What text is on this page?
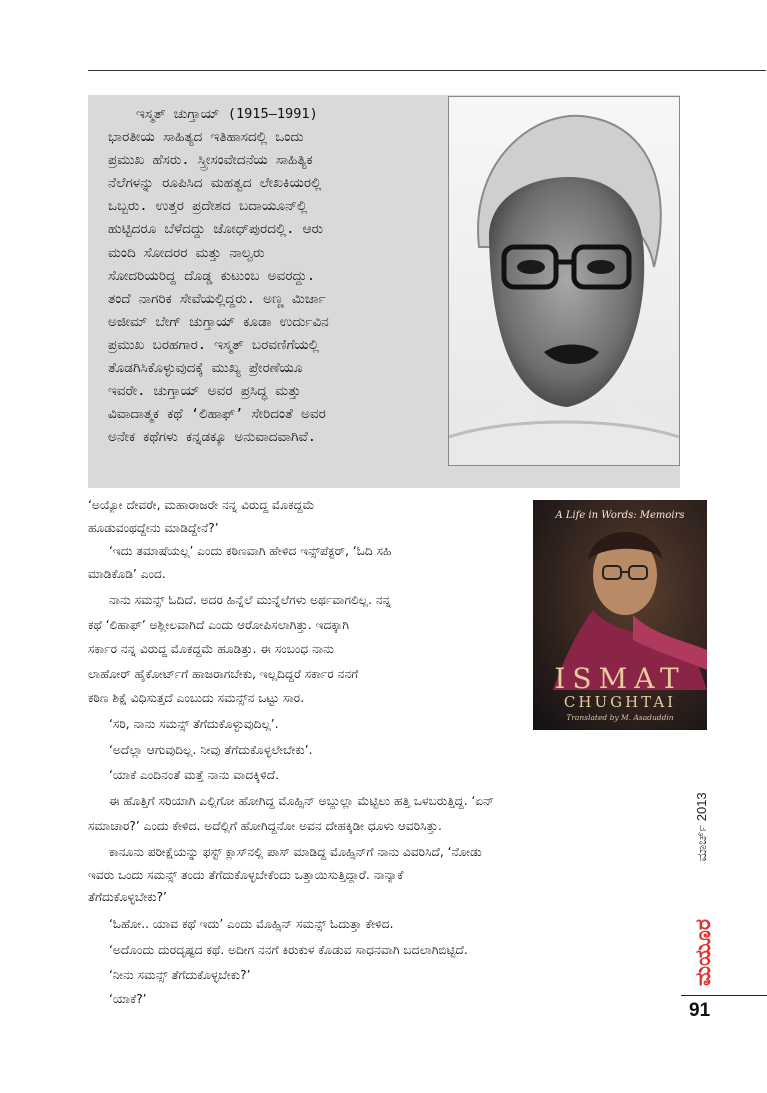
ಇಸ್ಮತ್ ಚುಗ್ತಾಯ್ (1915–1991)
ಭಾರತೀಯ ಸಾಹಿತ್ಯದ ಇತಿಹಾಸದಲ್ಲಿ ಒಂದು
ಪ್ರಮುಖ ಹೆಸರು. ಸ್ತ್ರೀಸಂವೇದನೆಯ ಸಾಹಿತ್ಯಿಕ
ನೆಲೆಗಳನ್ನು ರೂಪಿಸಿದ ಮಹತ್ವದ ಲೇಖಕಿಯರಲ್ಲಿ
ಒಬ್ಬರು. ಉತ್ತರ ಪ್ರದೇಶದ ಬದಾಯೂನ್‌ಲ್ಲಿ
ಹುಟ್ಟಿದರೂ ಬೆಳೆದದ್ದು ಜೋಧ್‌ಪುರದಲ್ಲಿ. ಆರು
ಮಂದಿ ಸೋದರರ ಮತ್ತು ನಾಲ್ವರು
ಸೋದರಿಯರಿದ್ದ ದೊಡ್ಡ ಕುಟುಂಬ ಅವರದ್ದು.
ತಂದೆ ನಾಗರಿಕ ಸೇವೆಯಲ್ಲಿದ್ದರು. ಅಣ್ಣ ಮಿರ್ಜಾ
ಅಜೀಮ್ ಬೇಗ್ ಚುಗ್ತಾಯ್ ಕೂಡಾ ಉರ್ದುವಿನ
ಪ್ರಮುಖ ಬರಹಗಾರ. ಇಸ್ಮತ್ ಬರವಣಿಗೆಯಲ್ಲಿ
ತೊಡಗಿಸಿಕೊಳ್ಳುವುದಕ್ಕೆ ಮುಖ್ಯ ಪ್ರೇರಣೆಯೂ
ಇವರೇ. ಚುಗ್ತಾಯ್ ಅವರ ಪ್ರಸಿದ್ಧ ಮತ್ತು
ವಿವಾದಾತ್ಮಕ ಕಥೆ ‘ಲಿಹಾಫ್’ ಸೇರಿದಂತೆ ಅವರ
ಅನೇಕ ಕಥೆಗಳು ಕನ್ನಡಕ್ಕೂ ಅನುವಾದವಾಗಿವೆ.
A Life in Words: Memoirs
ISMAT
CHUGHTAI
Translated by M. Asaduddin
‘ಅಯ್ಯೋ ದೇವರೇ, ಮಹಾರಾಜರೇ ನನ್ನ ವಿರುದ್ಧ ಮೊಕದ್ದಮೆ
ಹೂಡುವಂಥದ್ದೇನು ಮಾಡಿದ್ದೇನೆ?’
‘ಇದು ತಮಾಷೆಯಲ್ಲ’ ಎಂದು ಕಠಿಣವಾಗಿ ಹೇಳಿದ ಇನ್ಸ್‌ಪೆಕ್ಟರ್, ‘ಓದಿ ಸಹಿ
ಮಾಡಿಕೊಡಿ’ ಎಂದ.
ನಾನು ಸಮನ್ಸ್ ಓದಿದೆ. ಅದರ ಹಿನ್ನೆಲೆ ಮುನ್ನೆಲೆಗಳು ಅರ್ಥವಾಗಲಿಲ್ಲ. ನನ್ನ
ಕಥೆ ‘ಲಿಹಾಫ್’ ಅಶ್ಲೀಲವಾಗಿದೆ ಎಂದು ಆರೋಪಿಸಲಾಗಿತ್ತು. ಇದಕ್ಕಾಗಿ
ಸರ್ಕಾರ ನನ್ನ ವಿರುದ್ಧ ಮೊಕದ್ದಮೆ ಹೂಡಿತ್ತು. ಈ ಸಂಬಂಧ ನಾನು
ಲಾಹೋರ್ ಹೈಕೋರ್ಟ್‌ಗೆ ಹಾಜರಾಗಬೇಕು, ಇಲ್ಲದಿದ್ದರೆ ಸರ್ಕಾರ ನನಗೆ
ಕಠಿಣ ಶಿಕ್ಷೆ ವಿಧಿಸುತ್ತದೆ ಎಂಬುದು ಸಮನ್ಸ್‌ನ ಒಟ್ಟು ಸಾರ.
‘ಸರಿ, ನಾನು ಸಮನ್ಸ್ ತೆಗೆದುಕೊಳ್ಳುವುದಿಲ್ಲ’.
‘ಅದೆಲ್ಲಾ ಆಗುವುದಿಲ್ಲ. ನೀವು ತೆಗೆದುಕೊಳ್ಳಲೇಬೇಕು’.
‘ಯಾಕೆ ಎಂದಿನಂತೆ ಮತ್ತೆ ನಾನು ವಾದಕ್ಕಿಳಿದೆ.
ಈ ಹೊತ್ತಿಗೆ ಸರಿಯಾಗಿ ಎಲ್ಲಿಗೋ ಹೋಗಿದ್ದ ಮೊಹ್ಸಿನ್ ಅಬ್ದುಲ್ಲಾ ಮೆಟ್ಟಿಲು ಹತ್ತಿ ಒಳಬರುತ್ತಿದ್ದ. ‘ಏನ್
ಸಮಾಚಾರ?’ ಎಂದು ಕೇಳಿದ. ಅದೆಲ್ಲಿಗೆ ಹೋಗಿದ್ದನೋ ಅವನ ದೇಹಕ್ಕಿಡೀ ಧೂಳು ಆವರಿಸಿತ್ತು.
ಕಾನೂನು ಪರೀಕ್ಷೆಯನ್ನು ಫಸ್ಟ್ ಕ್ಲಾಸ್‌ನಲ್ಲಿ ಪಾಸ್ ಮಾಡಿದ್ದ ಮೊಹ್ಸಿನ್‌ಗೆ ನಾನು ವಿವರಿಸಿದೆ, ‘ನೋಡು
ಇವರು ಒಂದು ಸಮನ್ಸ್ ತಂದು ತೆಗೆದುಕೊಳ್ಳಬೇಕೆಂದು ಒತ್ತಾಯಿಸುತ್ತಿದ್ದಾರೆ. ನಾನ್ಯಾಕೆ
ತೆಗೆದುಕೊಳ್ಳಬೇಕು?’
‘ಓಹೋ.. ಯಾವ ಕಥೆ ಇದು’ ಎಂದು ಮೊಹ್ಸಿನ್ ಸಮನ್ಸ್ ಓದುತ್ತಾ ಕೇಳಿದ.
‘ಅದೊಂದು ದುರದೃಷ್ಟದ ಕಥೆ. ಅದೀಗ ನನಗೆ ಕಿರುಕುಳ ಕೊಡುವ ಸಾಧನವಾಗಿ ಬದಲಾಗಿಬಿಟ್ಟಿದೆ.
‘ನೀನು ಸಮನ್ಸ್ ತೆಗೆದುಕೊಳ್ಳಬೇಕು?’
‘ಯಾಕೆ?’
ಮಾರ್ಚ್ 2013
ಮಯೂರ
91
